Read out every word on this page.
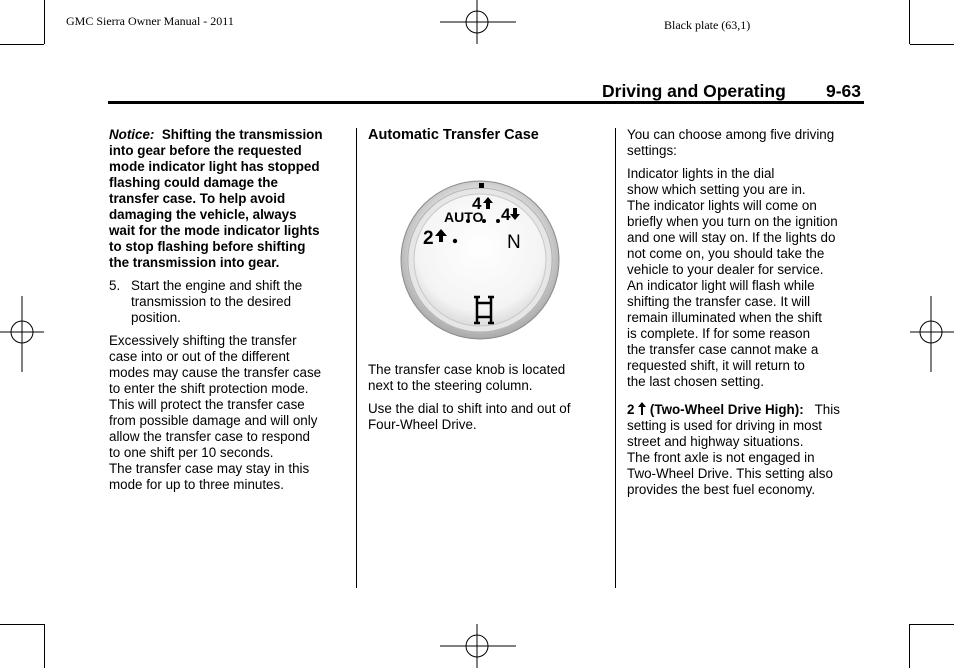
GMC Sierra Owner Manual - 2011	Black plate (63,1)
Driving and Operating 9-63

Notice: Shifting the transmission
into gear before the requested
mode indicator light has stopped
flashing could damage the
transfer case. To help avoid
damaging the vehicle, always
wait for the mode indicator lights
to stop flashing before shifting
the transmission into gear.

5. Start the engine and shift the
transmission to the desired
position.

Excessively shifting the transfer
case into or out of the different
modes may cause the transfer case
to enter the shift protection mode.
This will protect the transfer case
from possible damage and will only
allow the transfer case to respond
to one shift per 10 seconds.
The transfer case may stay in this
mode for up to three minutes.

Automatic Transfer Case
AUTO
4
4
2	N

The transfer case knob is located
next to the steering column.

Use the dial to shift into and out of
Four-Wheel Drive.

You can choose among five driving
settings:

Indicator lights in the dial
show which setting you are in.
The indicator lights will come on
briefly when you turn on the ignition
and one will stay on. If the lights do
not come on, you should take the
vehicle to your dealer for service.
An indicator light will flash while
shifting the transfer case. It will
remain illuminated when the shift
is complete. If for some reason
the transfer case cannot make a
requested shift, it will return to
the last chosen setting.

2 (Two-Wheel Drive High): This
setting is used for driving in most
street and highway situations.
The front axle is not engaged in
Two-Wheel Drive. This setting also
provides the best fuel economy.
